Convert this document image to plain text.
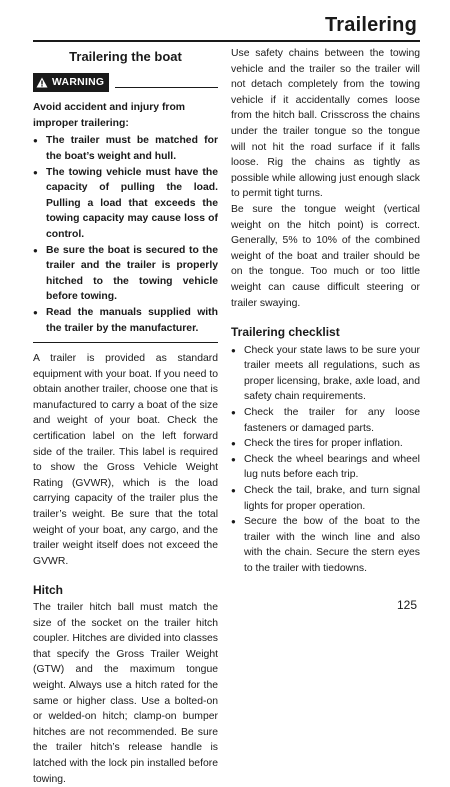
Trailering
Trailering the boat
WARNING

Avoid accident and injury from improper trailering:

● The trailer must be matched for the boat’s weight and hull.
● The towing vehicle must have the capacity of pulling the load. Pulling a load that exceeds the towing capacity may cause loss of control.
● Be sure the boat is secured to the trailer and the trailer is properly hitched to the towing vehicle before towing.
● Read the manuals supplied with the trailer by the manufacturer.

A trailer is provided as standard equipment with your boat. If you need to obtain another trailer, choose one that is manufactured to carry a boat of the size and weight of your boat. Check the certification label on the left forward side of the trailer. This label is required to show the Gross Vehicle Weight Rating (GVWR), which is the load carrying capacity of the trailer plus the trailer’s weight. Be sure that the total weight of your boat, any cargo, and the trailer weight itself does not exceed the GVWR.

Hitch

The trailer hitch ball must match the size of the socket on the trailer hitch coupler. Hitches are divided into classes that specify the Gross Trailer Weight (GTW) and the maximum tongue weight. Always use a hitch rated for the same or higher class. Use a bolted-on or welded-on hitch; clamp-on bumper hitches are not recommended. Be sure the trailer hitch’s release handle is latched with the lock pin installed before towing.

Use safety chains between the towing vehicle and the trailer so the trailer will not detach completely from the towing vehicle if it accidentally comes loose from the hitch ball. Crisscross the chains under the trailer tongue so the tongue will not hit the road surface if it falls loose. Rig the chains as tightly as possible while allowing just enough slack to permit tight turns.

Be sure the tongue weight (vertical weight on the hitch point) is correct. Generally, 5% to 10% of the combined weight of the boat and trailer should be on the tongue. Too much or too little weight can cause difficult steering or trailer swaying.

Trailering checklist
● Check your state laws to be sure your trailer meets all regulations, such as proper licensing, brake, axle load, and safety chain requirements.
● Check the trailer for any loose fasteners or damaged parts.
● Check the tires for proper inflation.
● Check the wheel bearings and wheel lug nuts before each trip.
● Check the tail, brake, and turn signal lights for proper operation.
● Secure the bow of the boat to the trailer with the winch line and also with the chain. Secure the stern eyes to the trailer with tiedowns.
125
